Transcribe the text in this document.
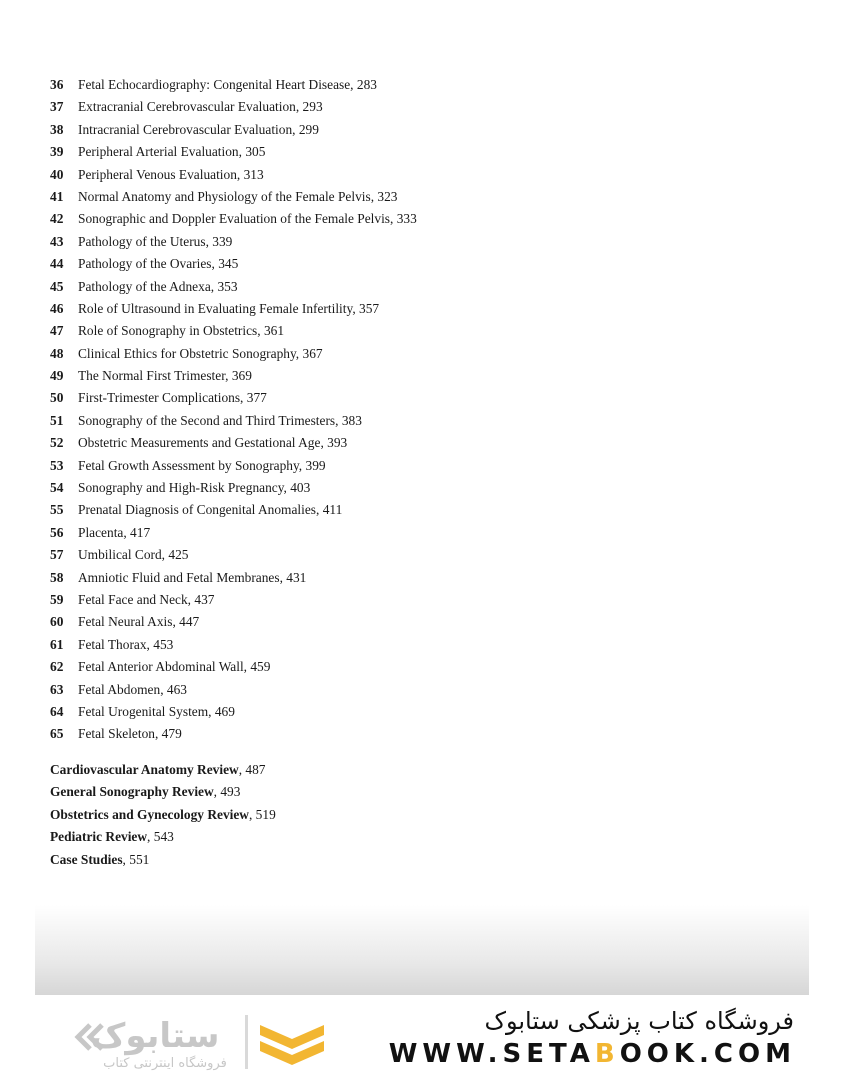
36 Fetal Echocardiography: Congenital Heart Disease, 283
37 Extracranial Cerebrovascular Evaluation, 293
38 Intracranial Cerebrovascular Evaluation, 299
39 Peripheral Arterial Evaluation, 305
40 Peripheral Venous Evaluation, 313
41 Normal Anatomy and Physiology of the Female Pelvis, 323
42 Sonographic and Doppler Evaluation of the Female Pelvis, 333
43 Pathology of the Uterus, 339
44 Pathology of the Ovaries, 345
45 Pathology of the Adnexa, 353
46 Role of Ultrasound in Evaluating Female Infertility, 357
47 Role of Sonography in Obstetrics, 361
48 Clinical Ethics for Obstetric Sonography, 367
49 The Normal First Trimester, 369
50 First-Trimester Complications, 377
51 Sonography of the Second and Third Trimesters, 383
52 Obstetric Measurements and Gestational Age, 393
53 Fetal Growth Assessment by Sonography, 399
54 Sonography and High-Risk Pregnancy, 403
55 Prenatal Diagnosis of Congenital Anomalies, 411
56 Placenta, 417
57 Umbilical Cord, 425
58 Amniotic Fluid and Fetal Membranes, 431
59 Fetal Face and Neck, 437
60 Fetal Neural Axis, 447
61 Fetal Thorax, 453
62 Fetal Anterior Abdominal Wall, 459
63 Fetal Abdomen, 463
64 Fetal Urogenital System, 469
65 Fetal Skeleton, 479
Cardiovascular Anatomy Review, 487
General Sonography Review, 493
Obstetrics and Gynecology Review, 519
Pediatric Review, 543
Case Studies, 551
ستابوک
فروشگاه اینترنتی کتاب
فروشگاه کتاب پزشکی ستابوک
WWW.SETABOOK.COM
